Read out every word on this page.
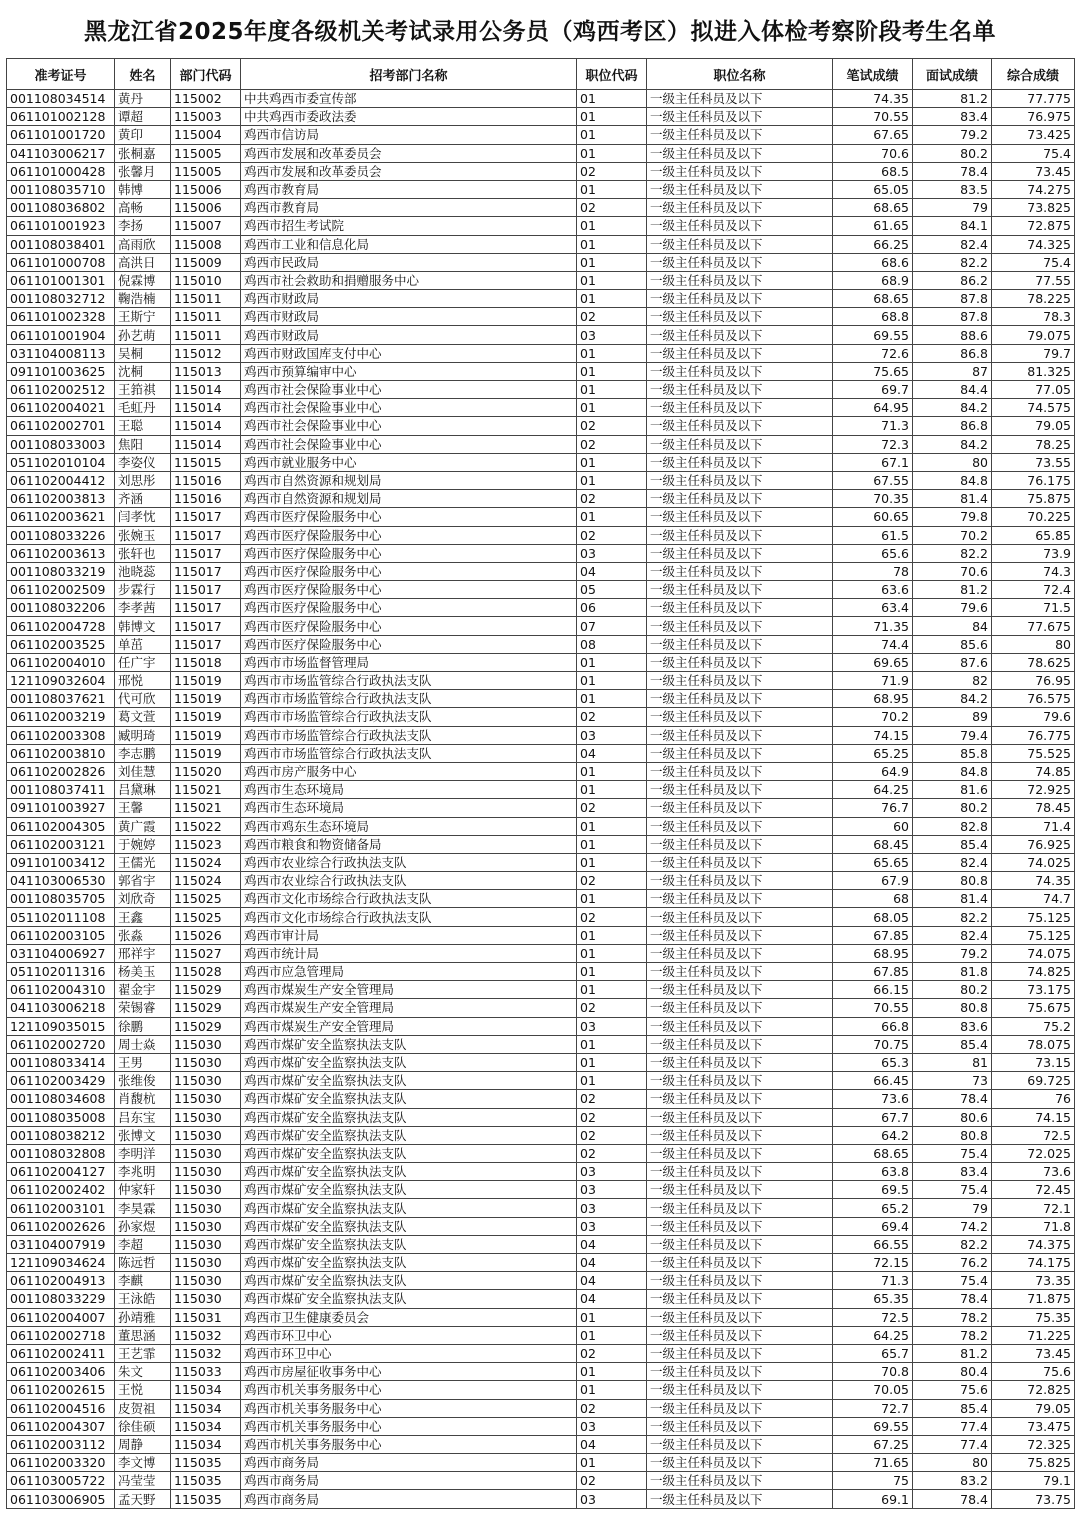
黑龙江省2025年度各级机关考试录用公务员（鸡西考区）拟进入体检考察阶段考生名单
准考证号	姓名	部门代码	招考部门名称	职位代码	职位名称	笔试成绩	面试成绩	综合成绩
001108034514	黄丹	115002	中共鸡西市委宣传部	01	一级主任科员及以下	74.35	81.2	77.775
061101002128	谭超	115003	中共鸡西市委政法委	01	一级主任科员及以下	70.55	83.4	76.975
061101001720	黄印	115004	鸡西市信访局	01	一级主任科员及以下	67.65	79.2	73.425
041103006217	张桐嘉	115005	鸡西市发展和改革委员会	01	一级主任科员及以下	70.6	80.2	75.4
061101000428	张馨月	115005	鸡西市发展和改革委员会	02	一级主任科员及以下	68.5	78.4	73.45
001108035710	韩博	115006	鸡西市教育局	01	一级主任科员及以下	65.05	83.5	74.275
001108036802	高畅	115006	鸡西市教育局	02	一级主任科员及以下	68.65	79	73.825
061101001923	李扬	115007	鸡西市招生考试院	01	一级主任科员及以下	61.65	84.1	72.875
001108038401	高雨欣	115008	鸡西市工业和信息化局	01	一级主任科员及以下	66.25	82.4	74.325
061101000708	高洪日	115009	鸡西市民政局	01	一级主任科员及以下	68.6	82.2	75.4
061101001301	倪霖博	115010	鸡西市社会救助和捐赠服务中心	01	一级主任科员及以下	68.9	86.2	77.55
001108032712	鞠浩楠	115011	鸡西市财政局	01	一级主任科员及以下	68.65	87.8	78.225
061101002328	王斯宁	115011	鸡西市财政局	02	一级主任科员及以下	68.8	87.8	78.3
061101001904	孙艺萌	115011	鸡西市财政局	03	一级主任科员及以下	69.55	88.6	79.075
031104008113	吴桐	115012	鸡西市财政国库支付中心	01	一级主任科员及以下	72.6	86.8	79.7
091101003625	沈桐	115013	鸡西市预算编审中心	01	一级主任科员及以下	75.65	87	81.325
061102002512	王筘祺	115014	鸡西市社会保险事业中心	01	一级主任科员及以下	69.7	84.4	77.05
061102004021	毛虹丹	115014	鸡西市社会保险事业中心	01	一级主任科员及以下	64.95	84.2	74.575
061102002701	王聪	115014	鸡西市社会保险事业中心	02	一级主任科员及以下	71.3	86.8	79.05
001108033003	焦阳	115014	鸡西市社会保险事业中心	02	一级主任科员及以下	72.3	84.2	78.25
051102010104	李姿仪	115015	鸡西市就业服务中心	01	一级主任科员及以下	67.1	80	73.55
061102004412	刘思彤	115016	鸡西市自然资源和规划局	01	一级主任科员及以下	67.55	84.8	76.175
061102003813	齐涵	115016	鸡西市自然资源和规划局	02	一级主任科员及以下	70.35	81.4	75.875
061102003621	闫孝忱	115017	鸡西市医疗保险服务中心	01	一级主任科员及以下	60.65	79.8	70.225
001108033226	张婉玉	115017	鸡西市医疗保险服务中心	02	一级主任科员及以下	61.5	70.2	65.85
061102003613	张轩也	115017	鸡西市医疗保险服务中心	03	一级主任科员及以下	65.6	82.2	73.9
001108033219	池晓蕊	115017	鸡西市医疗保险服务中心	04	一级主任科员及以下	78	70.6	74.3
061102002509	步霖行	115017	鸡西市医疗保险服务中心	05	一级主任科员及以下	63.6	81.2	72.4
001108032206	李孝茜	115017	鸡西市医疗保险服务中心	06	一级主任科员及以下	63.4	79.6	71.5
061102004728	韩博文	115017	鸡西市医疗保险服务中心	07	一级主任科员及以下	71.35	84	77.675
061102003525	单茁	115017	鸡西市医疗保险服务中心	08	一级主任科员及以下	74.4	85.6	80
061102004010	任广宇	115018	鸡西市市场监督管理局	01	一级主任科员及以下	69.65	87.6	78.625
121109032604	邢悦	115019	鸡西市市场监管综合行政执法支队	01	一级主任科员及以下	71.9	82	76.95
001108037621	代可欣	115019	鸡西市市场监管综合行政执法支队	01	一级主任科员及以下	68.95	84.2	76.575
061102003219	葛文萱	115019	鸡西市市场监管综合行政执法支队	02	一级主任科员及以下	70.2	89	79.6
061102003308	臧明琦	115019	鸡西市市场监管综合行政执法支队	03	一级主任科员及以下	74.15	79.4	76.775
061102003810	李志鹏	115019	鸡西市市场监管综合行政执法支队	04	一级主任科员及以下	65.25	85.8	75.525
061102002826	刘佳慧	115020	鸡西市房产服务中心	01	一级主任科员及以下	64.9	84.8	74.85
001108037411	吕黛琳	115021	鸡西市生态环境局	01	一级主任科员及以下	64.25	81.6	72.925
091101003927	王馨	115021	鸡西市生态环境局	02	一级主任科员及以下	76.7	80.2	78.45
061102004305	黄广霞	115022	鸡西市鸡东生态环境局	01	一级主任科员及以下	60	82.8	71.4
061102003121	于婉婷	115023	鸡西市粮食和物资储备局	01	一级主任科员及以下	68.45	85.4	76.925
091101003412	王儒光	115024	鸡西市农业综合行政执法支队	01	一级主任科员及以下	65.65	82.4	74.025
041103006530	郭省宇	115024	鸡西市农业综合行政执法支队	02	一级主任科员及以下	67.9	80.8	74.35
001108035705	刘欣奇	115025	鸡西市文化市场综合行政执法支队	01	一级主任科员及以下	68	81.4	74.7
051102011108	王鑫	115025	鸡西市文化市场综合行政执法支队	02	一级主任科员及以下	68.05	82.2	75.125
061102003105	张淼	115026	鸡西市审计局	01	一级主任科员及以下	67.85	82.4	75.125
031104006927	邢祥宇	115027	鸡西市统计局	01	一级主任科员及以下	68.95	79.2	74.075
051102011316	杨美玉	115028	鸡西市应急管理局	01	一级主任科员及以下	67.85	81.8	74.825
061102004310	翟金宇	115029	鸡西市煤炭生产安全管理局	01	一级主任科员及以下	66.15	80.2	73.175
041103006218	荣锡睿	115029	鸡西市煤炭生产安全管理局	02	一级主任科员及以下	70.55	80.8	75.675
121109035015	徐鹏	115029	鸡西市煤炭生产安全管理局	03	一级主任科员及以下	66.8	83.6	75.2
061102002720	周士焱	115030	鸡西市煤矿安全监察执法支队	01	一级主任科员及以下	70.75	85.4	78.075
001108033414	王男	115030	鸡西市煤矿安全监察执法支队	01	一级主任科员及以下	65.3	81	73.15
061102003429	张维俊	115030	鸡西市煤矿安全监察执法支队	01	一级主任科员及以下	66.45	73	69.725
001108034608	肖馥杭	115030	鸡西市煤矿安全监察执法支队	02	一级主任科员及以下	73.6	78.4	76
001108035008	吕东宝	115030	鸡西市煤矿安全监察执法支队	02	一级主任科员及以下	67.7	80.6	74.15
001108038212	张博文	115030	鸡西市煤矿安全监察执法支队	02	一级主任科员及以下	64.2	80.8	72.5
001108032808	李明洋	115030	鸡西市煤矿安全监察执法支队	02	一级主任科员及以下	68.65	75.4	72.025
061102004127	李兆明	115030	鸡西市煤矿安全监察执法支队	03	一级主任科员及以下	63.8	83.4	73.6
061102002402	仲家轩	115030	鸡西市煤矿安全监察执法支队	03	一级主任科员及以下	69.5	75.4	72.45
061102003101	李昊霖	115030	鸡西市煤矿安全监察执法支队	03	一级主任科员及以下	65.2	79	72.1
061102002626	孙家煜	115030	鸡西市煤矿安全监察执法支队	03	一级主任科员及以下	69.4	74.2	71.8
031104007919	李超	115030	鸡西市煤矿安全监察执法支队	04	一级主任科员及以下	66.55	82.2	74.375
121109034624	陈远哲	115030	鸡西市煤矿安全监察执法支队	04	一级主任科员及以下	72.15	76.2	74.175
061102004913	李麒	115030	鸡西市煤矿安全监察执法支队	04	一级主任科员及以下	71.3	75.4	73.35
001108033229	王泳皓	115030	鸡西市煤矿安全监察执法支队	04	一级主任科员及以下	65.35	78.4	71.875
061102004007	孙靖雅	115031	鸡西市卫生健康委员会	01	一级主任科员及以下	72.5	78.2	75.35
061102002718	董思涵	115032	鸡西市环卫中心	01	一级主任科员及以下	64.25	78.2	71.225
061102002411	王艺霏	115032	鸡西市环卫中心	02	一级主任科员及以下	65.7	81.2	73.45
061102003406	朱文	115033	鸡西市房屋征收事务中心	01	一级主任科员及以下	70.8	80.4	75.6
061102002615	王悦	115034	鸡西市机关事务服务中心	01	一级主任科员及以下	70.05	75.6	72.825
061102004516	皮贺祖	115034	鸡西市机关事务服务中心	02	一级主任科员及以下	72.7	85.4	79.05
061102004307	徐佳硕	115034	鸡西市机关事务服务中心	03	一级主任科员及以下	69.55	77.4	73.475
061102003112	周静	115034	鸡西市机关事务服务中心	04	一级主任科员及以下	67.25	77.4	72.325
061102003320	李文博	115035	鸡西市商务局	01	一级主任科员及以下	71.65	80	75.825
061103005722	冯莹莹	115035	鸡西市商务局	02	一级主任科员及以下	75	83.2	79.1
061103006905	孟天野	115035	鸡西市商务局	03	一级主任科员及以下	69.1	78.4	73.75
